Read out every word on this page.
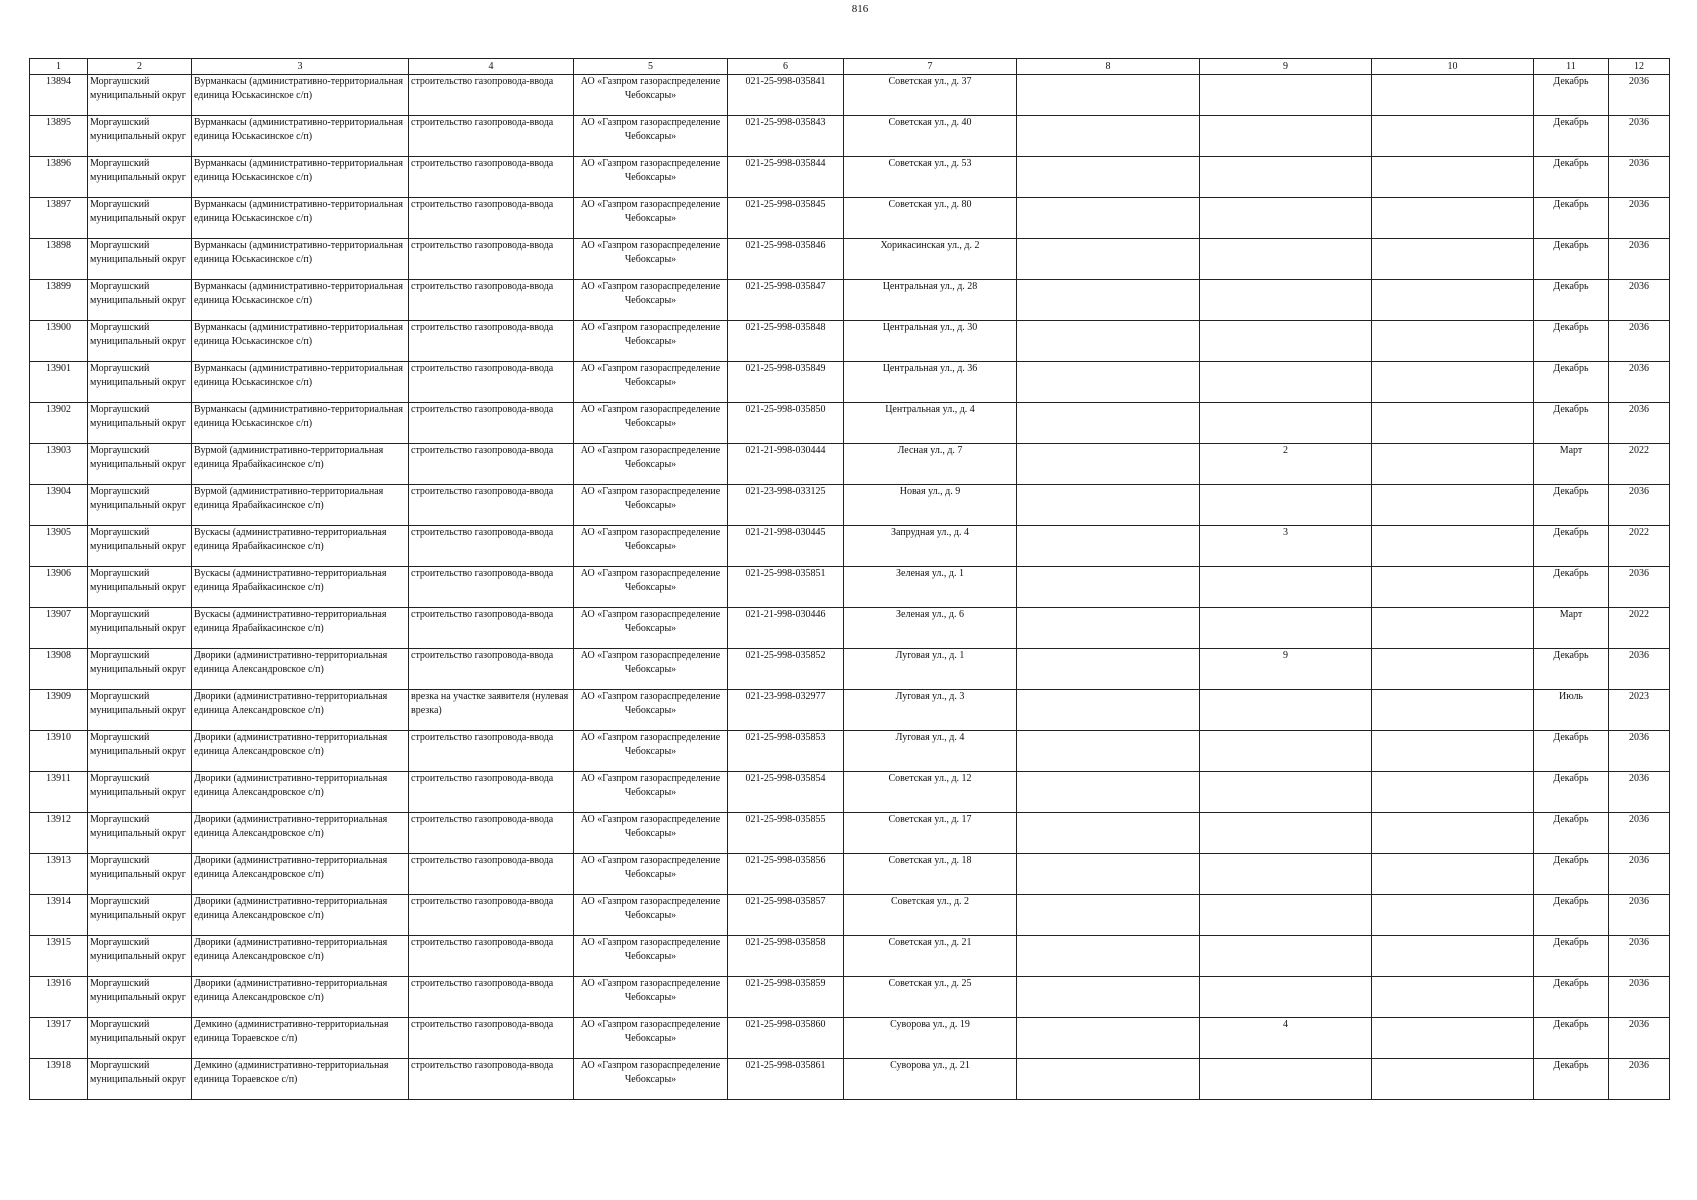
816
1	2	3	4	5	6	7	8	9	10	11	12

13894	Моргаушский муниципальный округ	Вурманкасы (административно-территориальная единица Юськасинское с/п)	строительство газопровода-ввода	АО «Газпром газораспределение Чебоксары»	021-25-998-035841	Советская ул., д. 37				Декабрь	2036

13895	Моргаушский муниципальный округ	Вурманкасы (административно-территориальная единица Юськасинское с/п)	строительство газопровода-ввода	АО «Газпром газораспределение Чебоксары»	021-25-998-035843	Советская ул., д. 40				Декабрь	2036

13896	Моргаушский муниципальный округ	Вурманкасы (административно-территориальная единица Юськасинское с/п)	строительство газопровода-ввода	АО «Газпром газораспределение Чебоксары»	021-25-998-035844	Советская ул., д. 53				Декабрь	2036

13897	Моргаушский муниципальный округ	Вурманкасы (административно-территориальная единица Юськасинское с/п)	строительство газопровода-ввода	АО «Газпром газораспределение Чебоксары»	021-25-998-035845	Советская ул., д. 80				Декабрь	2036

13898	Моргаушский муниципальный округ	Вурманкасы (административно-территориальная единица Юськасинское с/п)	строительство газопровода-ввода	АО «Газпром газораспределение Чебоксары»	021-25-998-035846	Хорикасинская ул., д. 2				Декабрь	2036

13899	Моргаушский муниципальный округ	Вурманкасы (административно-территориальная единица Юськасинское с/п)	строительство газопровода-ввода	АО «Газпром газораспределение Чебоксары»	021-25-998-035847	Центральная ул., д. 28				Декабрь	2036

13900	Моргаушский муниципальный округ	Вурманкасы (административно-территориальная единица Юськасинское с/п)	строительство газопровода-ввода	АО «Газпром газораспределение Чебоксары»	021-25-998-035848	Центральная ул., д. 30				Декабрь	2036

13901	Моргаушский муниципальный округ	Вурманкасы (административно-территориальная единица Юськасинское с/п)	строительство газопровода-ввода	АО «Газпром газораспределение Чебоксары»	021-25-998-035849	Центральная ул., д. 36				Декабрь	2036

13902	Моргаушский муниципальный округ	Вурманкасы (административно-территориальная единица Юськасинское с/п)	строительство газопровода-ввода	АО «Газпром газораспределение Чебоксары»	021-25-998-035850	Центральная ул., д. 4				Декабрь	2036

13903	Моргаушский муниципальный округ	Вурмой (административно-территориальная единица Ярабайкасинское с/п)	строительство газопровода-ввода	АО «Газпром газораспределение Чебоксары»	021-21-998-030444	Лесная ул., д. 7		2		Март	2022

13904	Моргаушский муниципальный округ	Вурмой (административно-территориальная единица Ярабайкасинское с/п)	строительство газопровода-ввода	АО «Газпром газораспределение Чебоксары»	021-23-998-033125	Новая ул., д. 9				Декабрь	2036

13905	Моргаушский муниципальный округ	Вускасы (административно-территориальная единица Ярабайкасинское с/п)	строительство газопровода-ввода	АО «Газпром газораспределение Чебоксары»	021-21-998-030445	Запрудная ул., д. 4		3		Декабрь	2022

13906	Моргаушский муниципальный округ	Вускасы (административно-территориальная единица Ярабайкасинское с/п)	строительство газопровода-ввода	АО «Газпром газораспределение Чебоксары»	021-25-998-035851	Зеленая ул., д. 1				Декабрь	2036

13907	Моргаушский муниципальный округ	Вускасы (административно-территориальная единица Ярабайкасинское с/п)	строительство газопровода-ввода	АО «Газпром газораспределение Чебоксары»	021-21-998-030446	Зеленая ул., д. 6				Март	2022

13908	Моргаушский муниципальный округ	Дворики (административно-территориальная единица Александровское с/п)	строительство газопровода-ввода	АО «Газпром газораспределение Чебоксары»	021-25-998-035852	Луговая ул., д. 1		9		Декабрь	2036

13909	Моргаушский муниципальный округ	Дворики (административно-территориальная единица Александровское с/п)	врезка на участке заявителя (нулевая врезка)	АО «Газпром газораспределение Чебоксары»	021-23-998-032977	Луговая ул., д. 3				Июль	2023

13910	Моргаушский муниципальный округ	Дворики (административно-территориальная единица Александровское с/п)	строительство газопровода-ввода	АО «Газпром газораспределение Чебоксары»	021-25-998-035853	Луговая ул., д. 4				Декабрь	2036

13911	Моргаушский муниципальный округ	Дворики (административно-территориальная единица Александровское с/п)	строительство газопровода-ввода	АО «Газпром газораспределение Чебоксары»	021-25-998-035854	Советская ул., д. 12				Декабрь	2036

13912	Моргаушский муниципальный округ	Дворики (административно-территориальная единица Александровское с/п)	строительство газопровода-ввода	АО «Газпром газораспределение Чебоксары»	021-25-998-035855	Советская ул., д. 17				Декабрь	2036

13913	Моргаушский муниципальный округ	Дворики (административно-территориальная единица Александровское с/п)	строительство газопровода-ввода	АО «Газпром газораспределение Чебоксары»	021-25-998-035856	Советская ул., д. 18				Декабрь	2036

13914	Моргаушский муниципальный округ	Дворики (административно-территориальная единица Александровское с/п)	строительство газопровода-ввода	АО «Газпром газораспределение Чебоксары»	021-25-998-035857	Советская ул., д. 2				Декабрь	2036

13915	Моргаушский муниципальный округ	Дворики (административно-территориальная единица Александровское с/п)	строительство газопровода-ввода	АО «Газпром газораспределение Чебоксары»	021-25-998-035858	Советская ул., д. 21				Декабрь	2036

13916	Моргаушский муниципальный округ	Дворики (административно-территориальная единица Александровское с/п)	строительство газопровода-ввода	АО «Газпром газораспределение Чебоксары»	021-25-998-035859	Советская ул., д. 25				Декабрь	2036

13917	Моргаушский муниципальный округ	Демкино (административно-территориальная единица Тораевское с/п)	строительство газопровода-ввода	АО «Газпром газораспределение Чебоксары»	021-25-998-035860	Суворова ул., д. 19		4		Декабрь	2036

13918	Моргаушский муниципальный округ	Демкино (административно-территориальная единица Тораевское с/п)	строительство газопровода-ввода	АО «Газпром газораспределение Чебоксары»	021-25-998-035861	Суворова ул., д. 21				Декабрь	2036
